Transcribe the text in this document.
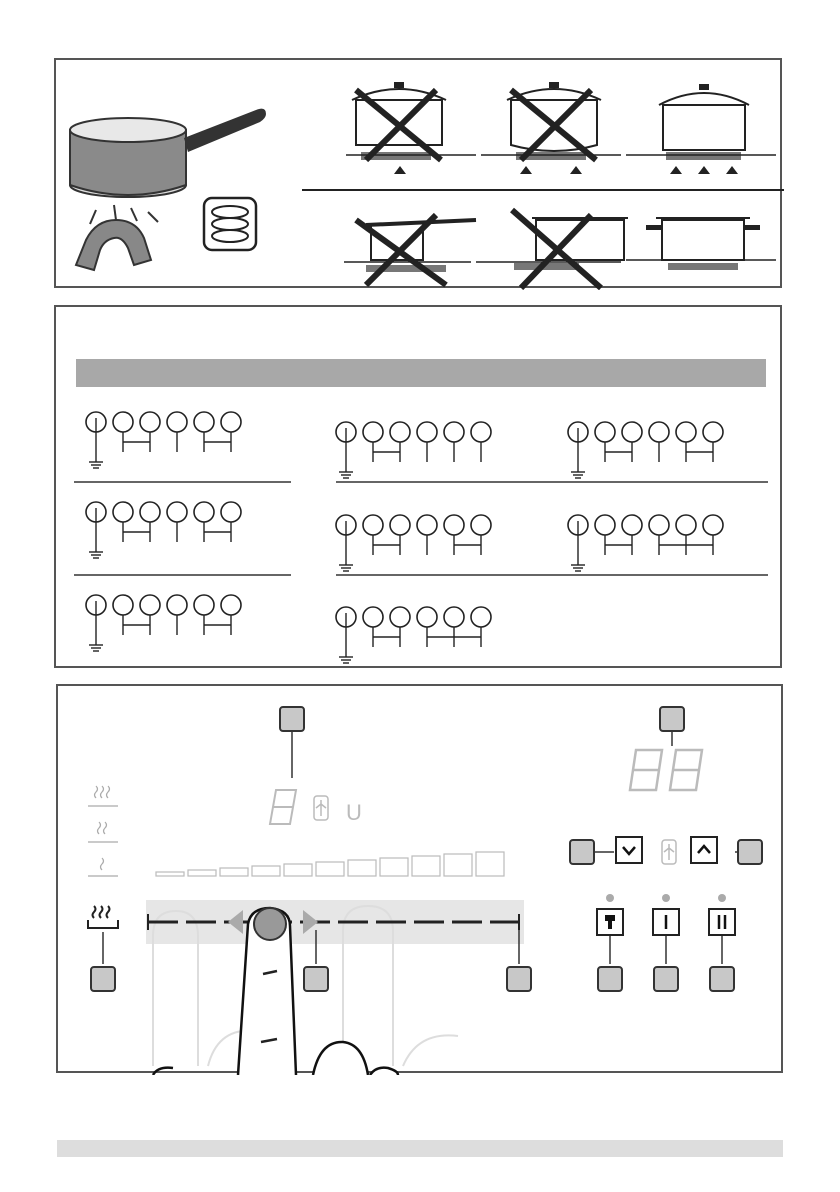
U
